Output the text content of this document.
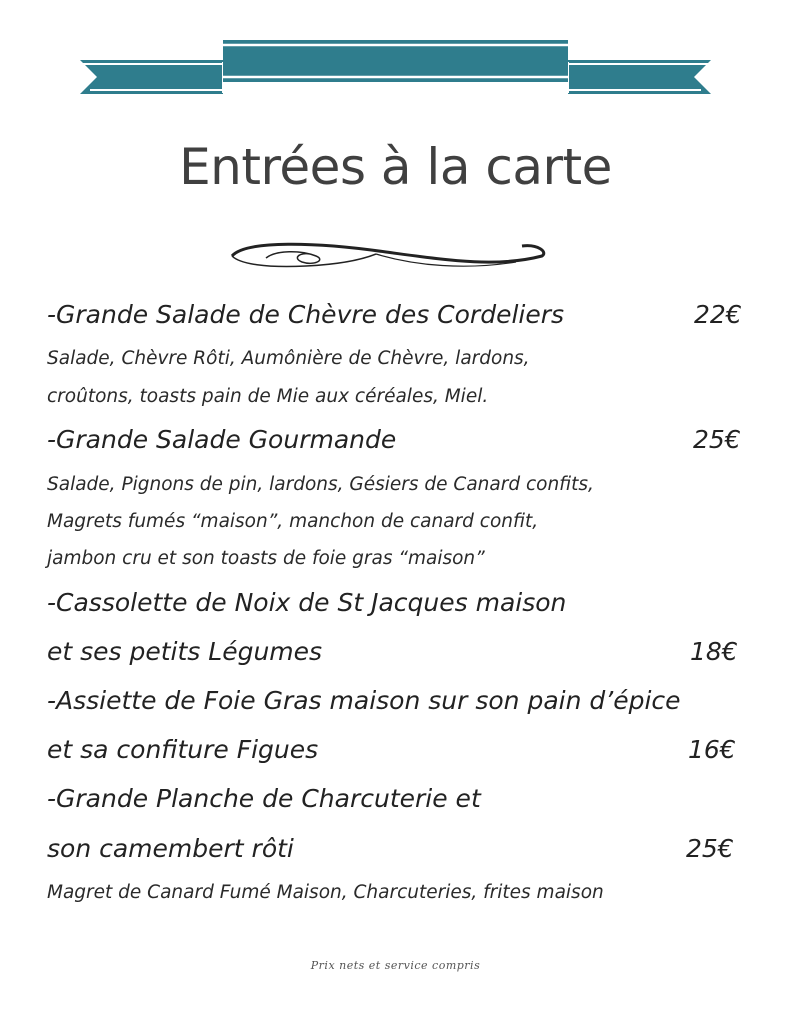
Entrées à la carte
-Grande Salade de Chèvre des Cordeliers	22€
Salade, Chèvre Rôti, Aumônière de Chèvre, lardons,
croûtons, toasts pain de Mie aux céréales, Miel.
-Grande Salade Gourmande	25€
Salade, Pignons de pin, lardons, Gésiers de Canard confits,
Magrets fumés “maison”, manchon de canard confit,
jambon cru et son toasts de foie gras “maison”
-Cassolette de Noix de St Jacques maison
et ses petits Légumes	18€
-Assiette de Foie Gras maison sur son pain d’épice
et sa confiture Figues	16€
-Grande Planche de Charcuterie et
son camembert rôti	25€
Magret de Canard Fumé Maison, Charcuteries, frites maison
Prix nets et service compris
